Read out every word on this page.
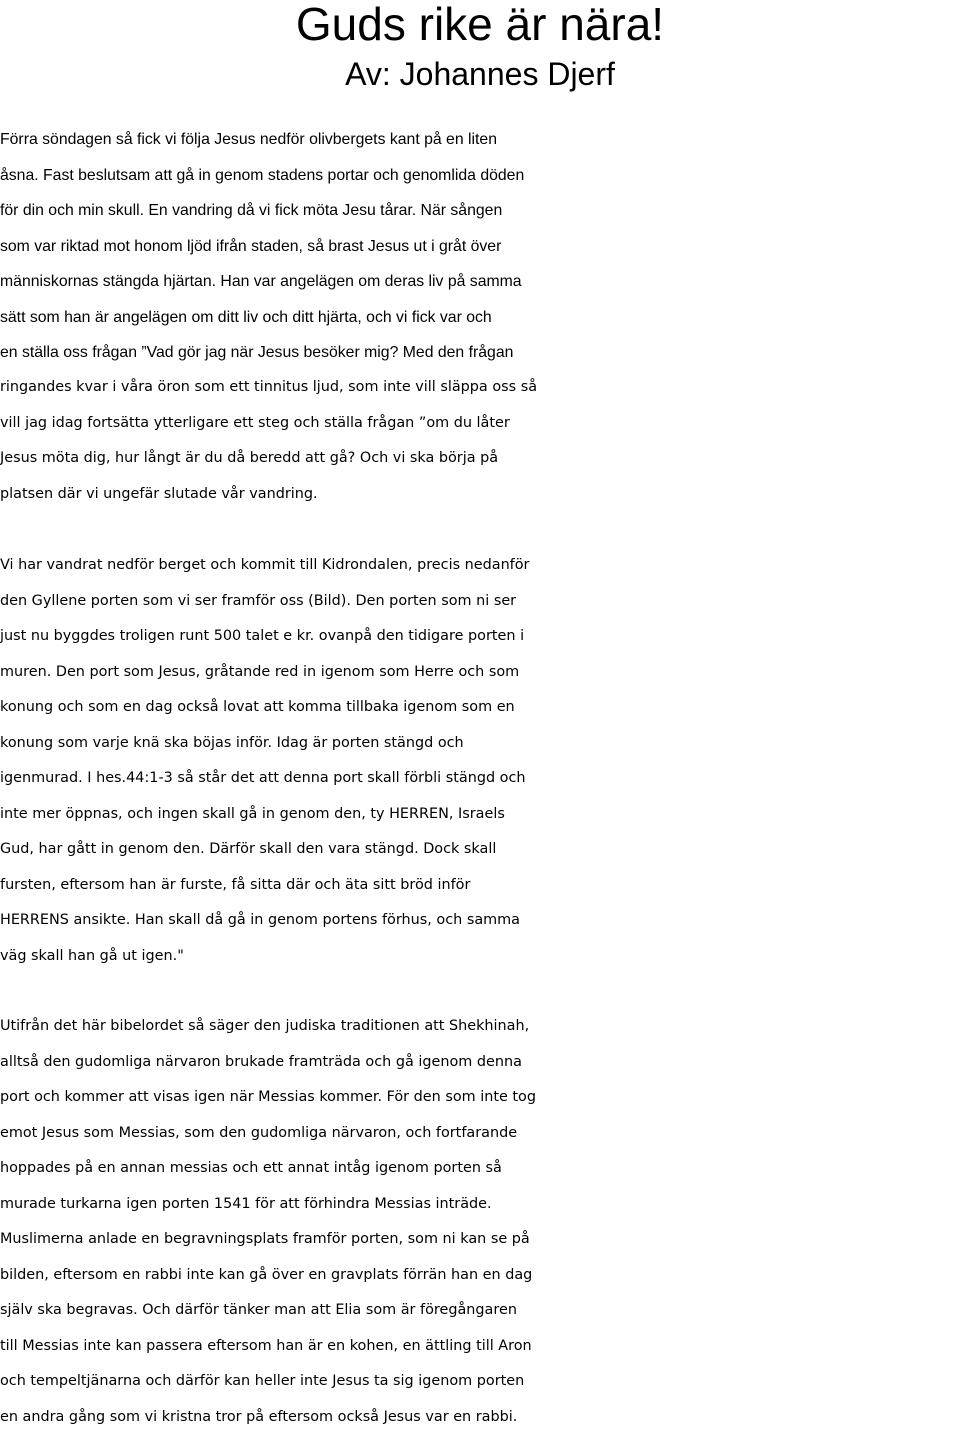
Guds rike är nära!
Av: Johannes Djerf
Förra söndagen så fick vi följa Jesus nedför olivbergets kant på en liten
åsna. Fast beslutsam att gå in genom stadens portar och genomlida döden
för din och min skull. En vandring då vi fick möta Jesu tårar. När sången
som var riktad mot honom ljöd ifrån staden, så brast Jesus ut i gråt över
människornas stängda hjärtan. Han var angelägen om deras liv på samma
sätt som han är angelägen om ditt liv och ditt hjärta, och vi fick var och
en ställa oss frågan ”Vad gör jag när Jesus besöker mig? Med den frågan
ringandes kvar i våra öron som ett tinnitus ljud, som inte vill släppa oss så
vill jag idag fortsätta ytterligare ett steg och ställa frågan ”om du låter
Jesus möta dig, hur långt är du då beredd att gå? Och vi ska börja på
platsen där vi ungefär slutade vår vandring.
Vi har vandrat nedför berget och kommit till Kidrondalen, precis nedanför
den Gyllene porten som vi ser framför oss (Bild). Den porten som ni ser
just nu byggdes troligen runt 500 talet e kr. ovanpå den tidigare porten i
muren. Den port som Jesus, gråtande red in igenom som Herre och som
konung och som en dag också lovat att komma tillbaka igenom som en
konung som varje knä ska böjas inför. Idag är porten stängd och
igenmurad. I hes.44:1-3 så står det att denna port skall förbli stängd och
inte mer öppnas, och ingen skall gå in genom den, ty HERREN, Israels
Gud, har gått in genom den. Därför skall den vara stängd. Dock skall
fursten, eftersom han är furste, få sitta där och äta sitt bröd inför
HERRENS ansikte. Han skall då gå in genom portens förhus, och samma
väg skall han gå ut igen."
Utifrån det här bibelordet så säger den judiska traditionen att Shekhinah,
alltså den gudomliga närvaron brukade framträda och gå igenom denna
port och kommer att visas igen när Messias kommer. För den som inte tog
emot Jesus som Messias, som den gudomliga närvaron, och fortfarande
hoppades på en annan messias och ett annat intåg igenom porten så
murade turkarna igen porten 1541 för att förhindra Messias inträde.
Muslimerna anlade en begravningsplats framför porten, som ni kan se på
bilden, eftersom en rabbi inte kan gå över en gravplats förrän han en dag
själv ska begravas. Och därför tänker man att Elia som är föregångaren
till Messias inte kan passera eftersom han är en kohen, en ättling till Aron
och tempeltjänarna och därför kan heller inte Jesus ta sig igenom porten
en andra gång som vi kristna tror på eftersom också Jesus var en rabbi.
